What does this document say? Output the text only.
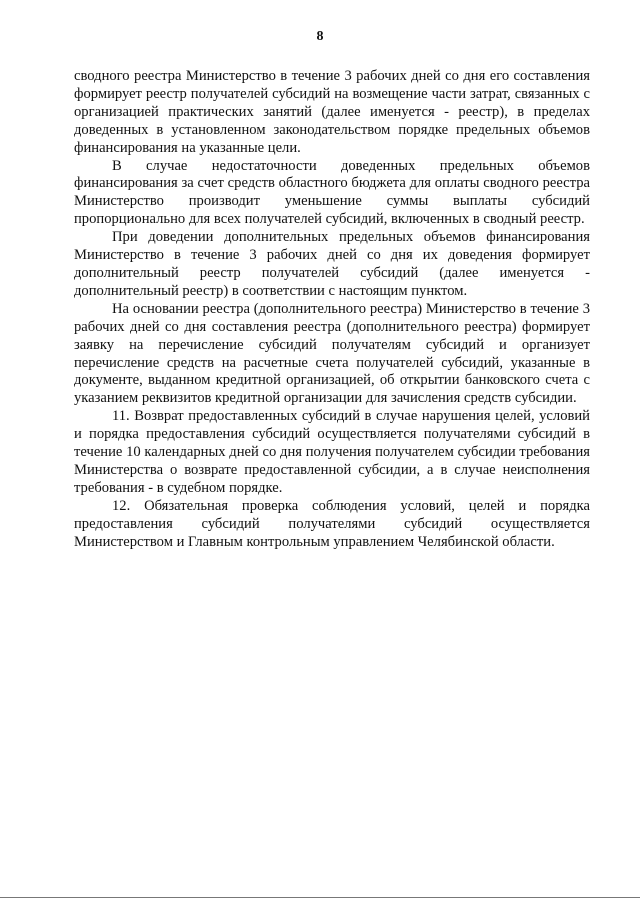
8

сводного реестра Министерство в течение 3 рабочих дней со дня его составления формирует реестр получателей субсидий на возмещение части затрат, связанных с организацией практических занятий (далее именуется - реестр), в пределах доведенных в установленном законодательством порядке предельных объемов финансирования на указанные цели.

В случае недостаточности доведенных предельных объемов финансирования за счет средств областного бюджета для оплаты сводного реестра Министерство производит уменьшение суммы выплаты субсидий пропорционально для всех получателей субсидий, включенных в сводный реестр.

При доведении дополнительных предельных объемов финансирования Министерство в течение 3 рабочих дней со дня их доведения формирует дополнительный реестр получателей субсидий (далее именуется - дополнительный реестр) в соответствии с настоящим пунктом.

На основании реестра (дополнительного реестра) Министерство в течение 3 рабочих дней со дня составления реестра (дополнительного реестра) формирует заявку на перечисление субсидий получателям субсидий и организует перечисление средств на расчетные счета получателей субсидий, указанные в документе, выданном кредитной организацией, об открытии банковского счета с указанием реквизитов кредитной организации для зачисления средств субсидии.

11. Возврат предоставленных субсидий в случае нарушения целей, условий и порядка предоставления субсидий осуществляется получателями субсидий в течение 10 календарных дней со дня получения получателем субсидии требования Министерства о возврате предоставленной субсидии, а в случае неисполнения требования - в судебном порядке.

12. Обязательная проверка соблюдения условий, целей и порядка предоставления субсидий получателями субсидий осуществляется Министерством и Главным контрольным управлением Челябинской области.
